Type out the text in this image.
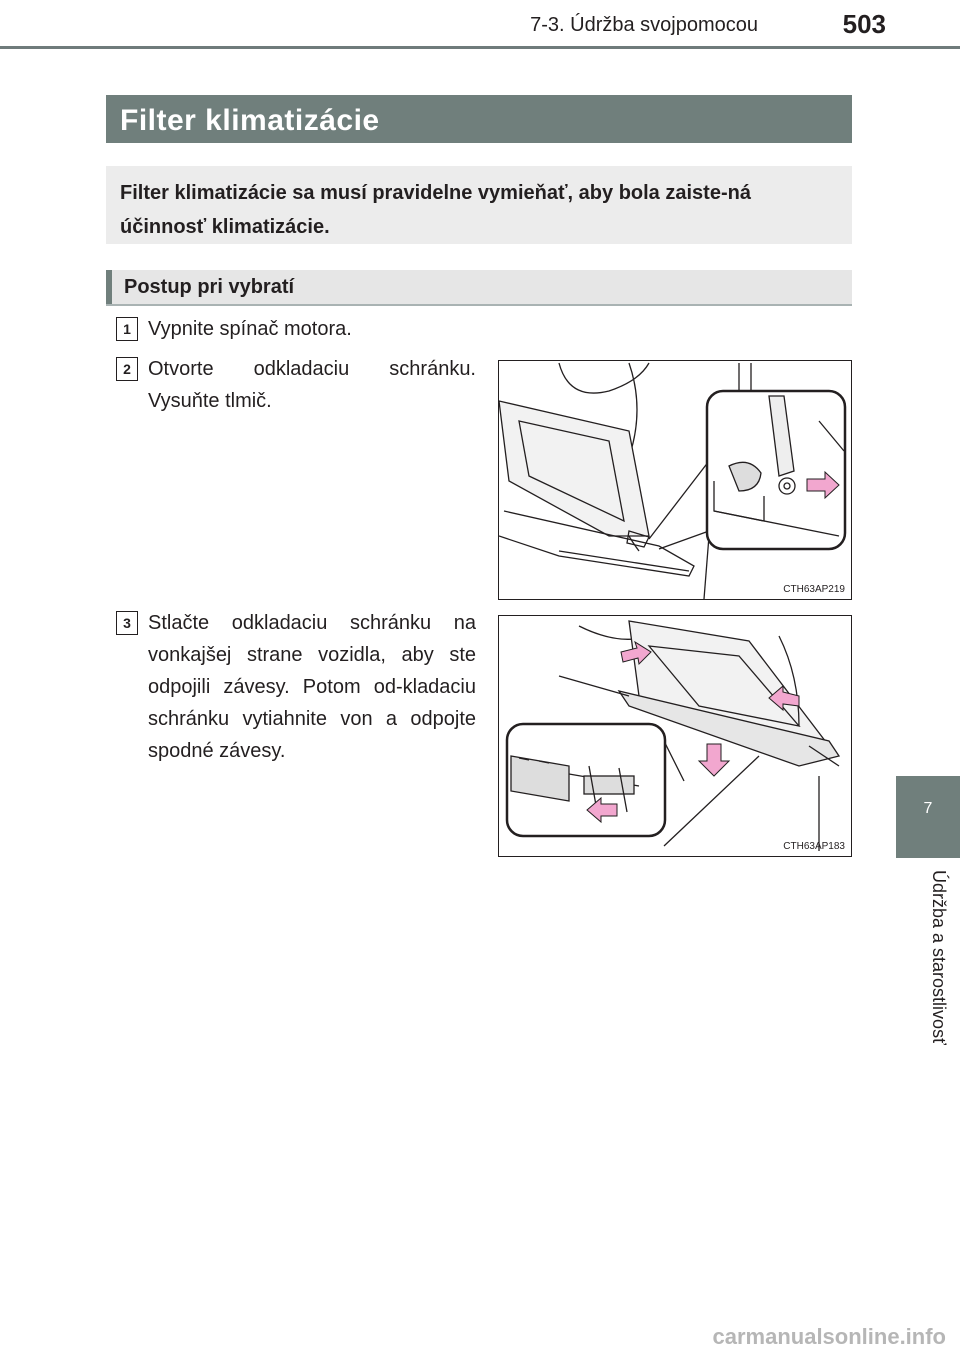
7-3. Údržba svojpomocou	503
Filter klimatizácie
Filter klimatizácie sa musí pravidelne vymieňať, aby bola zaiste-ná účinnosť klimatizácie.
Postup pri vybratí
1 Vypnite spínač motora.
2 Otvorte odkladaciu schránku. Vysuňte tlmič.
CTH63AP219
3 Stlačte odkladaciu schránku na vonkajšej strane vozidla, aby ste odpojili závesy. Potom od-kladaciu schránku vytiahnite von a odpojte spodné závesy.
CTH63AP183
7
Údržba a starostlivosť
carmanualsonline.info
